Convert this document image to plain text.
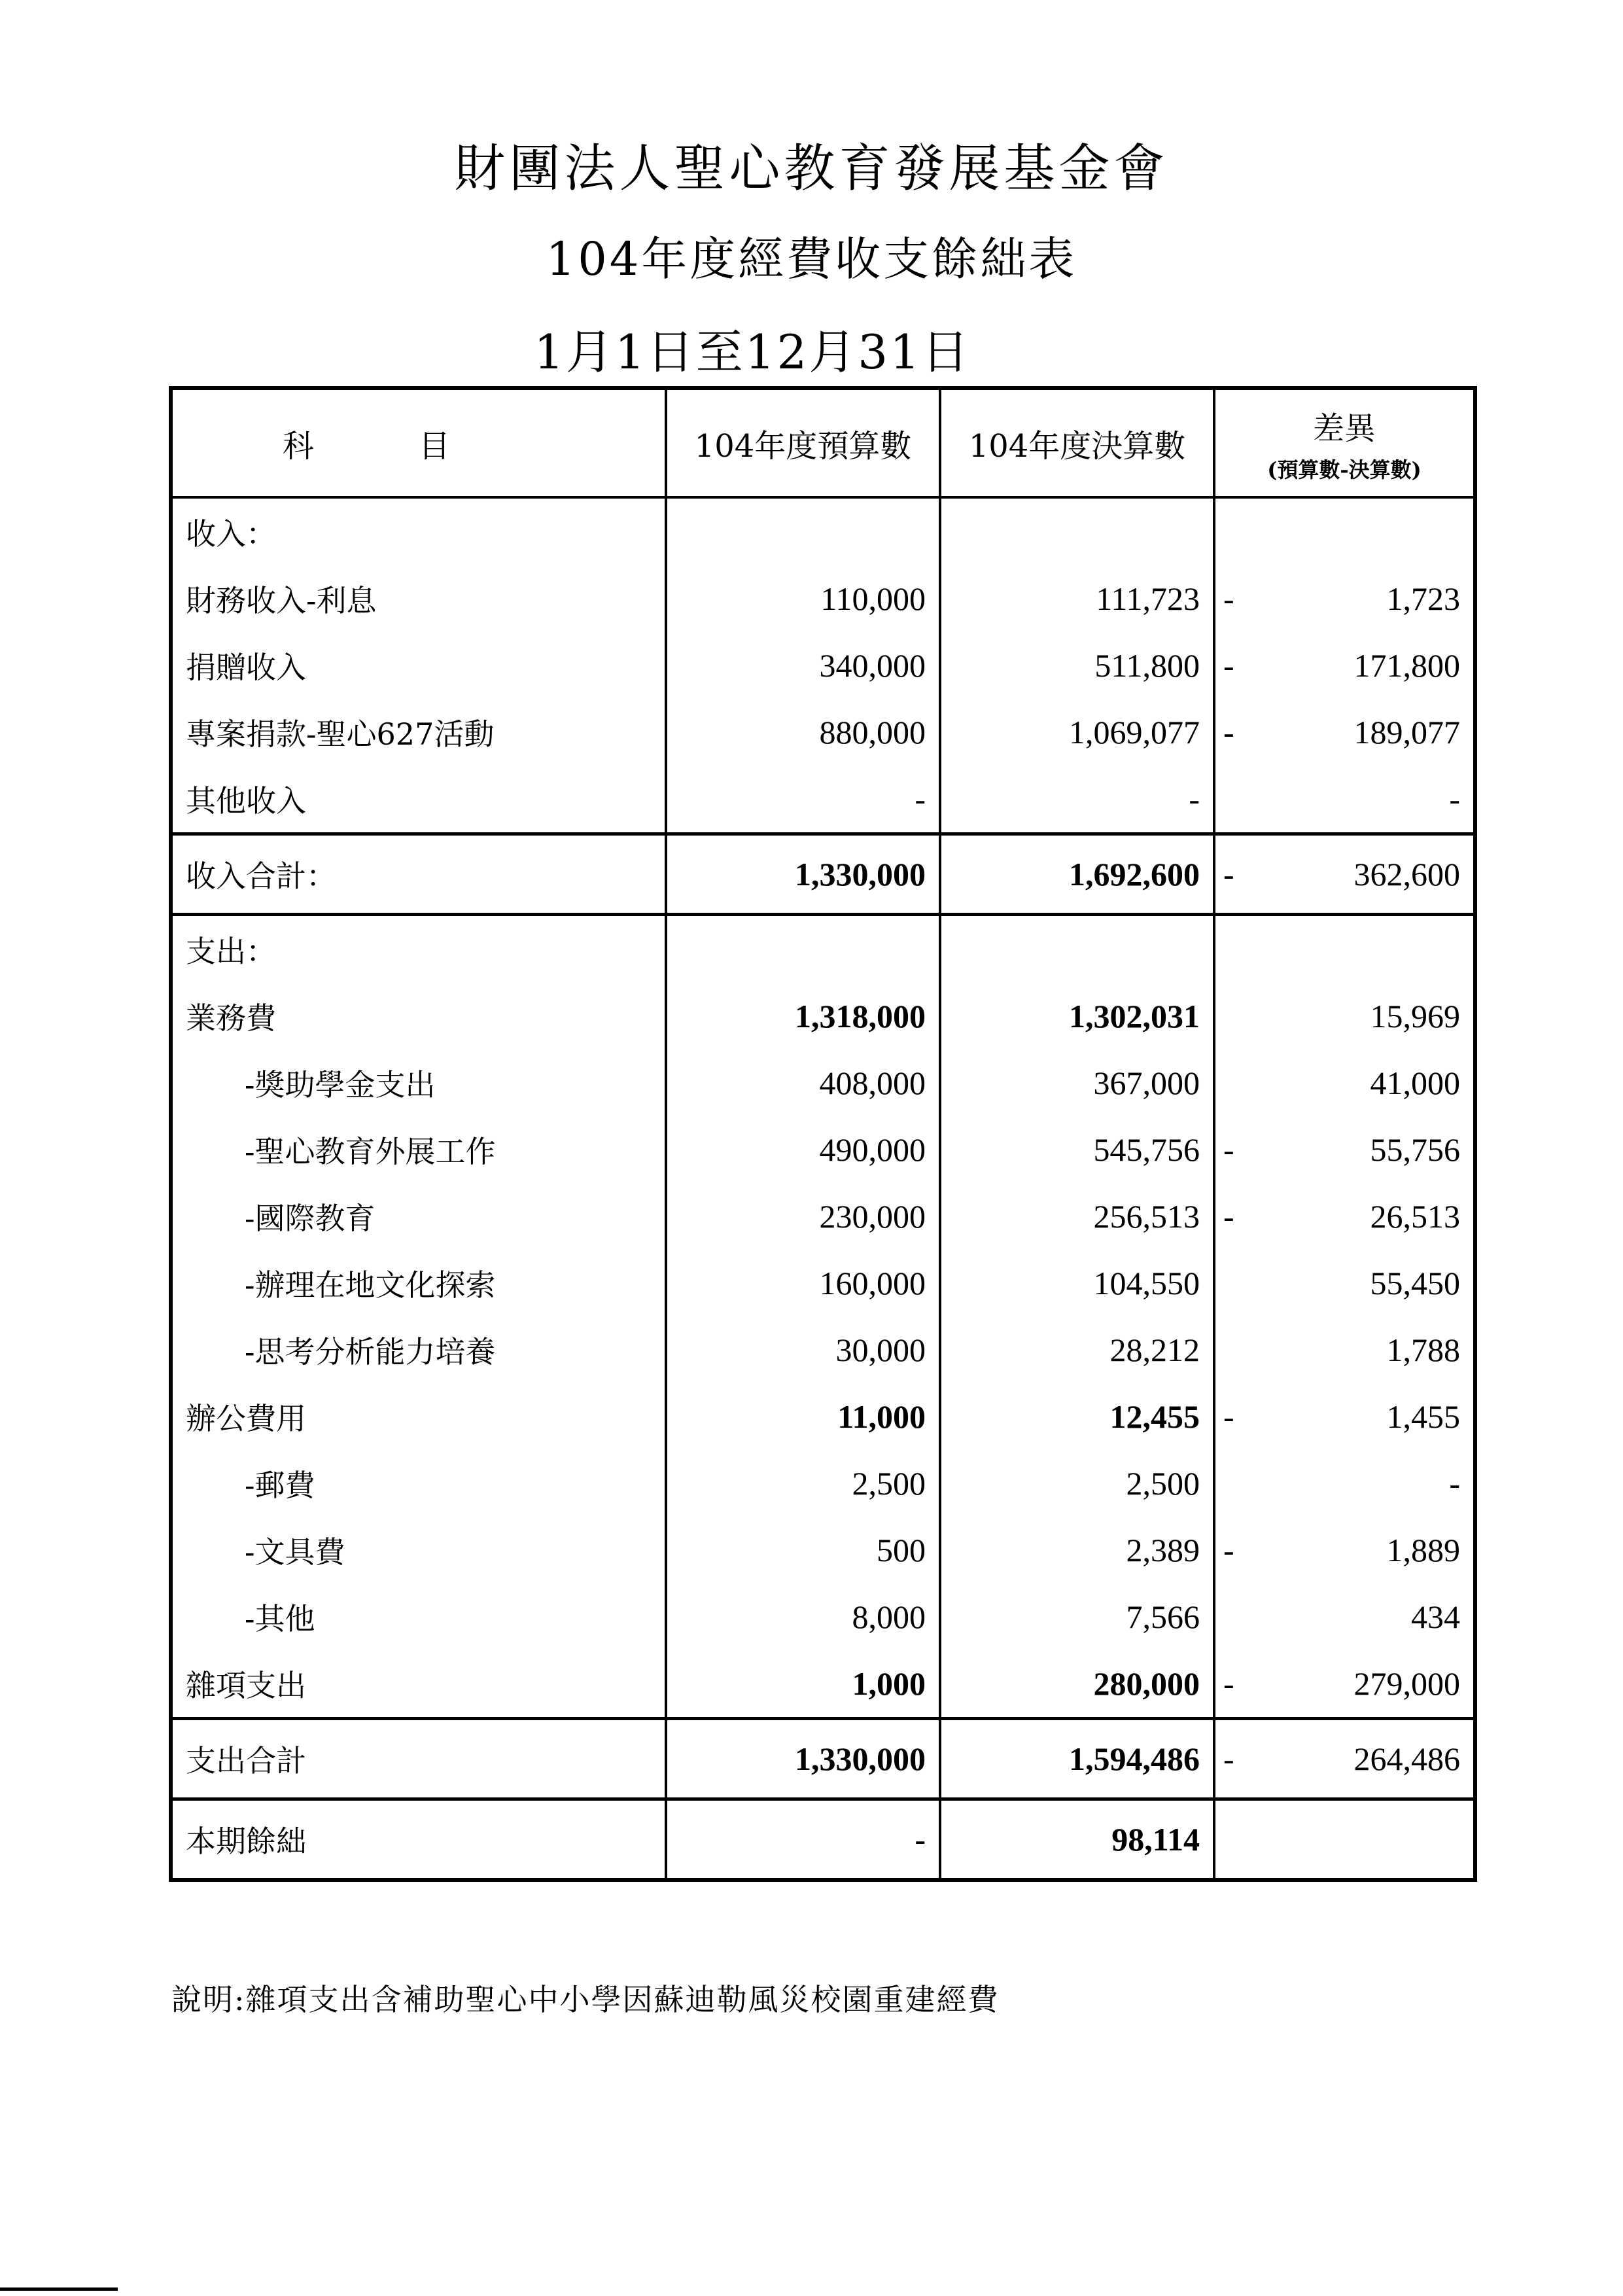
財團法人聖心教育發展基金會
104年度經費收支餘絀表
1月1日至12月31日
科目	104年度預算數	104年度決算數	差異
(預算數-決算數)

收入：			
財務收入-利息	110,000	111,723	- 1,723
捐贈收入	340,000	511,800	- 171,800
專案捐款-聖心627活動	880,000	1,069,077	- 189,077
其他收入	-	-	-
收入合計：	1,330,000	1,692,600	- 362,600
支出：			
業務費	1,318,000	1,302,031	15,969
-獎助學金支出	408,000	367,000	41,000
-聖心教育外展工作	490,000	545,756	- 55,756
-國際教育	230,000	256,513	- 26,513
-辦理在地文化探索	160,000	104,550	55,450
-思考分析能力培養	30,000	28,212	1,788
辦公費用	11,000	12,455	- 1,455
-郵費	2,500	2,500	-
-文具費	500	2,389	- 1,889
-其他	8,000	7,566	434
雜項支出	1,000	280,000	- 279,000
支出合計	1,330,000	1,594,486	- 264,486
本期餘絀	-	98,114	
說明:雜項支出含補助聖心中小學因蘇迪勒風災校園重建經費
